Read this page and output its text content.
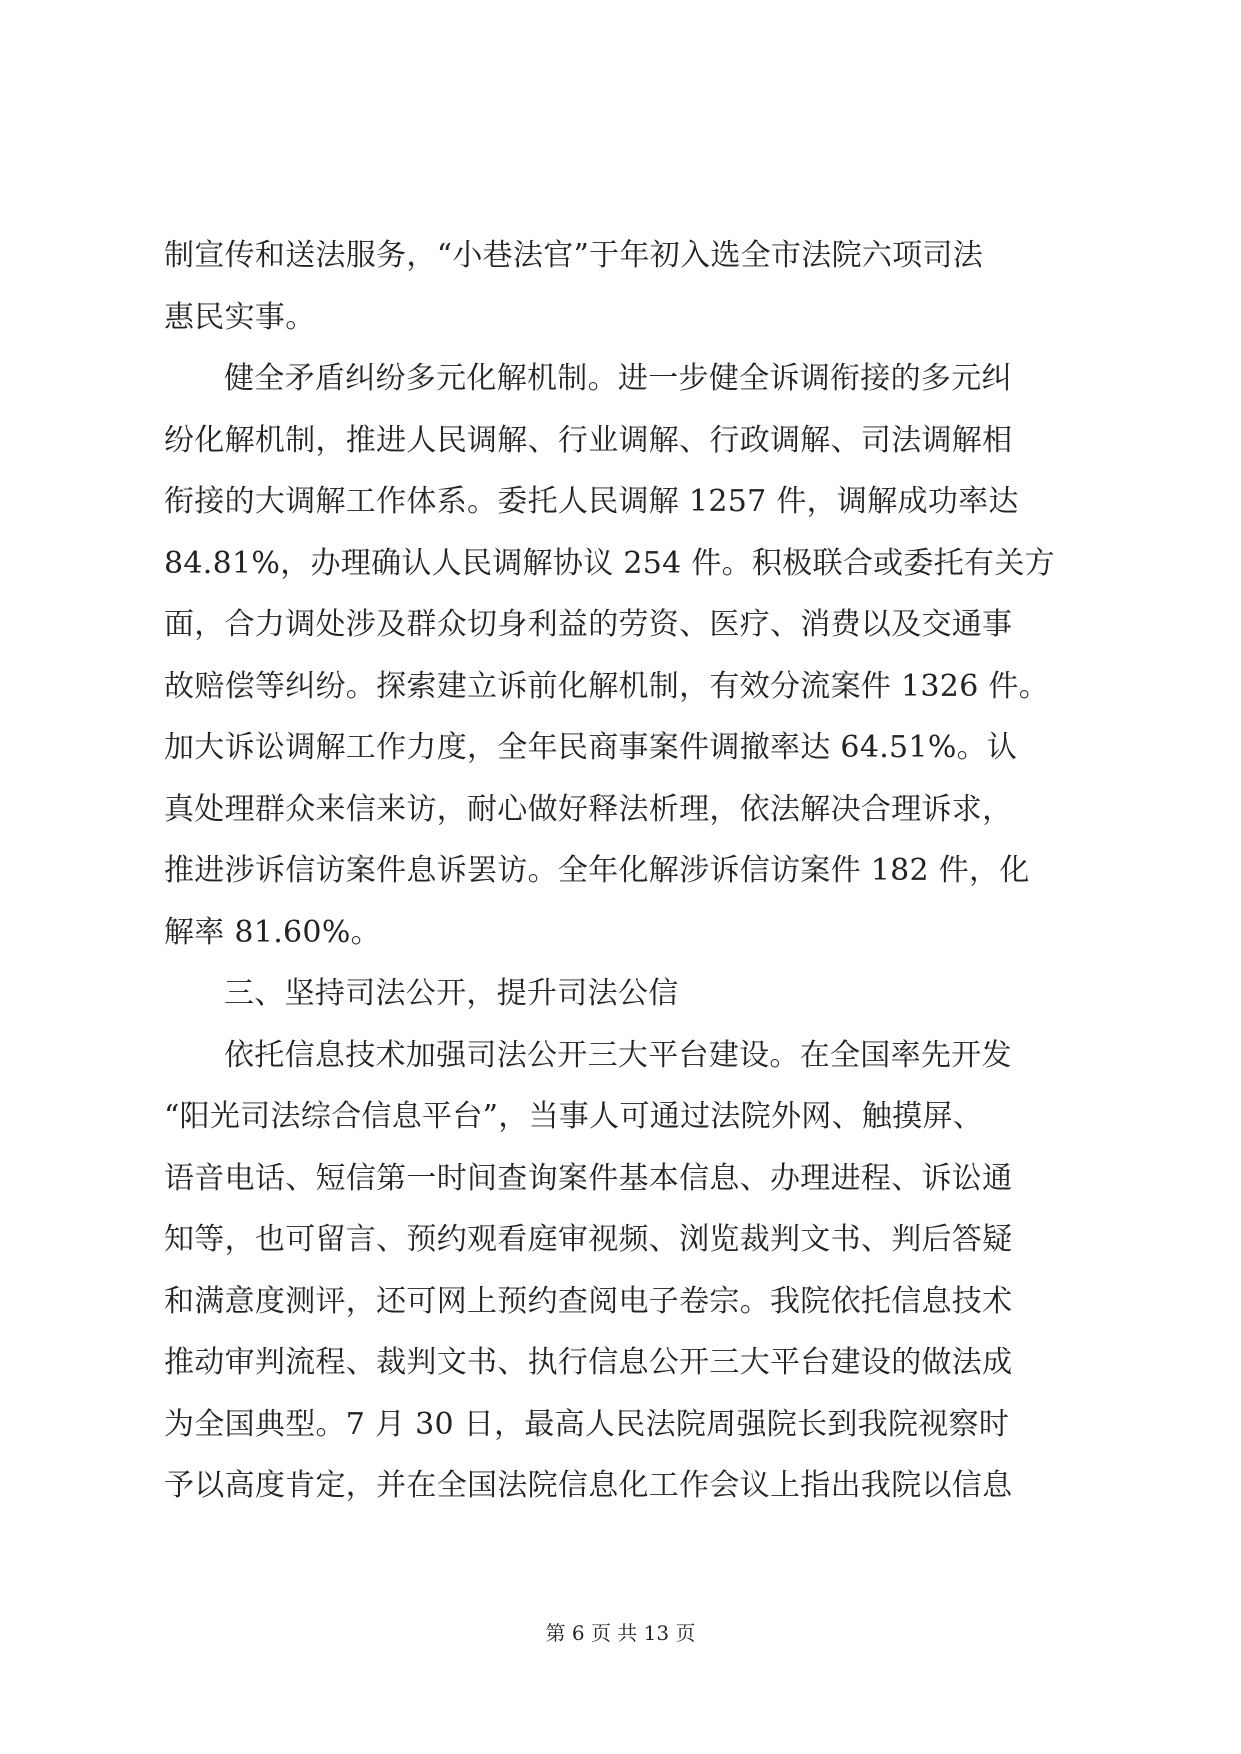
制宣传和送法服务，“小巷法官”于年初入选全市法院六项司法
惠民实事。
健全矛盾纠纷多元化解机制。进一步健全诉调衔接的多元纠
纷化解机制，推进人民调解、行业调解、行政调解、司法调解相
衔接的大调解工作体系。委托人民调解 1257 件，调解成功率达
84.81%，办理确认人民调解协议 254 件。积极联合或委托有关方
面，合力调处涉及群众切身利益的劳资、医疗、消费以及交通事
故赔偿等纠纷。探索建立诉前化解机制，有效分流案件 1326 件。
加大诉讼调解工作力度，全年民商事案件调撤率达 64.51%。认
真处理群众来信来访，耐心做好释法析理，依法解决合理诉求，
推进涉诉信访案件息诉罢访。全年化解涉诉信访案件 182 件，化
解率 81.60%。
三、坚持司法公开，提升司法公信
依托信息技术加强司法公开三大平台建设。在全国率先开发
“阳光司法综合信息平台”，当事人可通过法院外网、触摸屏、
语音电话、短信第一时间查询案件基本信息、办理进程、诉讼通
知等，也可留言、预约观看庭审视频、浏览裁判文书、判后答疑
和满意度测评，还可网上预约查阅电子卷宗。我院依托信息技术
推动审判流程、裁判文书、执行信息公开三大平台建设的做法成
为全国典型。7 月 30 日，最高人民法院周强院长到我院视察时
予以高度肯定，并在全国法院信息化工作会议上指出我院以信息
第 6 页 共 13 页
